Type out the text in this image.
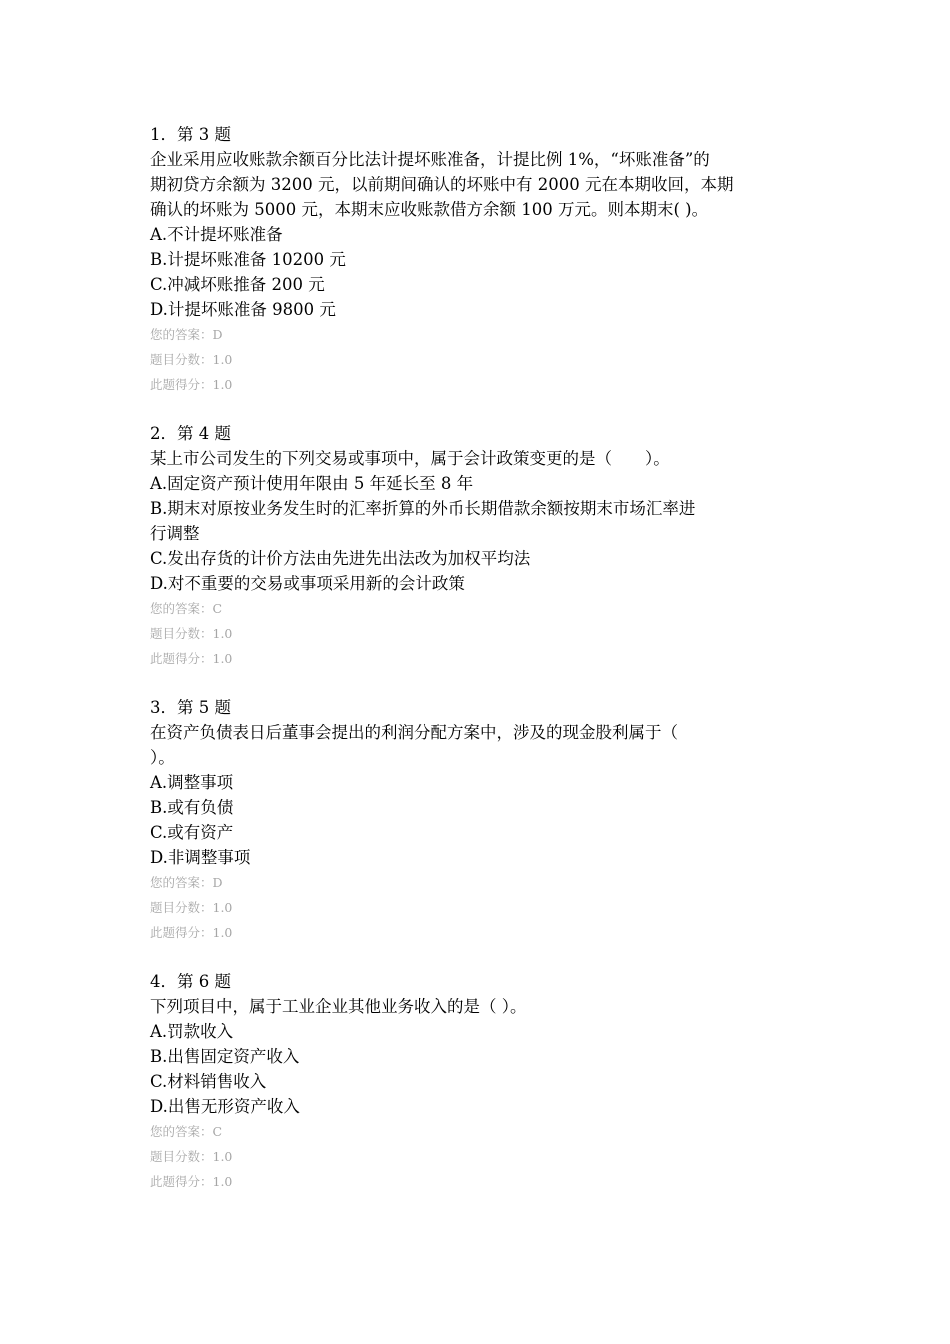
1．第 3 题
企业采用应收账款余额百分比法计提坏账准备，计提比例 1%，“坏账准备”的
期初贷方余额为 3200 元，以前期间确认的坏账中有 2000 元在本期收回，本期
确认的坏账为 5000 元，本期末应收账款借方余额 100 万元。则本期末( )。
A.不计提坏账准备
B.计提坏账准备 10200 元
C.冲减坏账推备 200 元
D.计提坏账准备 9800 元
您的答案：D
题目分数：1.0
此题得分：1.0
2．第 4 题
某上市公司发生的下列交易或事项中，属于会计政策变更的是（　　）。
A.固定资产预计使用年限由 5 年延长至 8 年
B.期末对原按业务发生时的汇率折算的外币长期借款余额按期末市场汇率进
行调整
C.发出存货的计价方法由先进先出法改为加权平均法
D.对不重要的交易或事项采用新的会计政策
您的答案：C
题目分数：1.0
此题得分：1.0
3．第 5 题
在资产负债表日后董事会提出的利润分配方案中，涉及的现金股利属于（
）。
A.调整事项
B.或有负债
C.或有资产
D.非调整事项
您的答案：D
题目分数：1.0
此题得分：1.0
4．第 6 题
下列项目中，属于工业企业其他业务收入的是（ ）。
A.罚款收入
B.出售固定资产收入
C.材料销售收入
D.出售无形资产收入
您的答案：C
题目分数：1.0
此题得分：1.0
